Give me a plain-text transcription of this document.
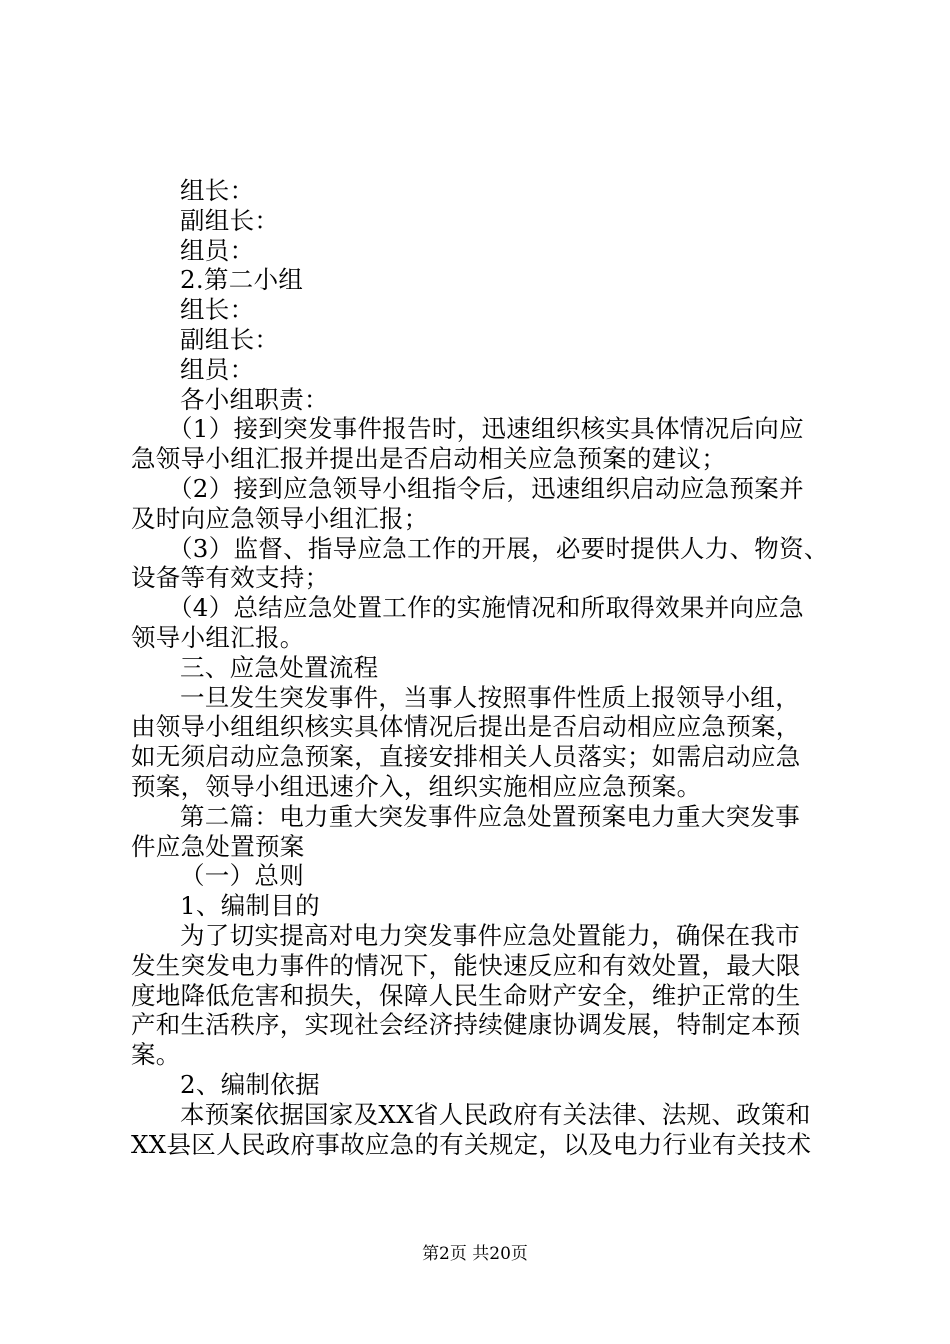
组长：
副组长：
组员：
2.第二小组
组长：
副组长：
组员：
各小组职责：
（1）接到突发事件报告时，迅速组织核实具体情况后向应
急领导小组汇报并提出是否启动相关应急预案的建议；
（2）接到应急领导小组指令后，迅速组织启动应急预案并
及时向应急领导小组汇报；
（3）监督、指导应急工作的开展，必要时提供人力、物资、
设备等有效支持；
（4）总结应急处置工作的实施情况和所取得效果并向应急
领导小组汇报。
三、应急处置流程
一旦发生突发事件，当事人按照事件性质上报领导小组，
由领导小组组织核实具体情况后提出是否启动相应应急预案，
如无须启动应急预案，直接安排相关人员落实；如需启动应急
预案，领导小组迅速介入，组织实施相应应急预案。
第二篇：电力重大突发事件应急处置预案电力重大突发事
件应急处置预案
（一）总则
1、编制目的
为了切实提高对电力突发事件应急处置能力，确保在我市
发生突发电力事件的情况下，能快速反应和有效处置，最大限
度地降低危害和损失，保障人民生命财产安全，维护正常的生
产和生活秩序，实现社会经济持续健康协调发展，特制定本预
案。
2、编制依据
本预案依据国家及XX省人民政府有关法律、法规、政策和
XX县区人民政府事故应急的有关规定，以及电力行业有关技术
第2页 共20页
